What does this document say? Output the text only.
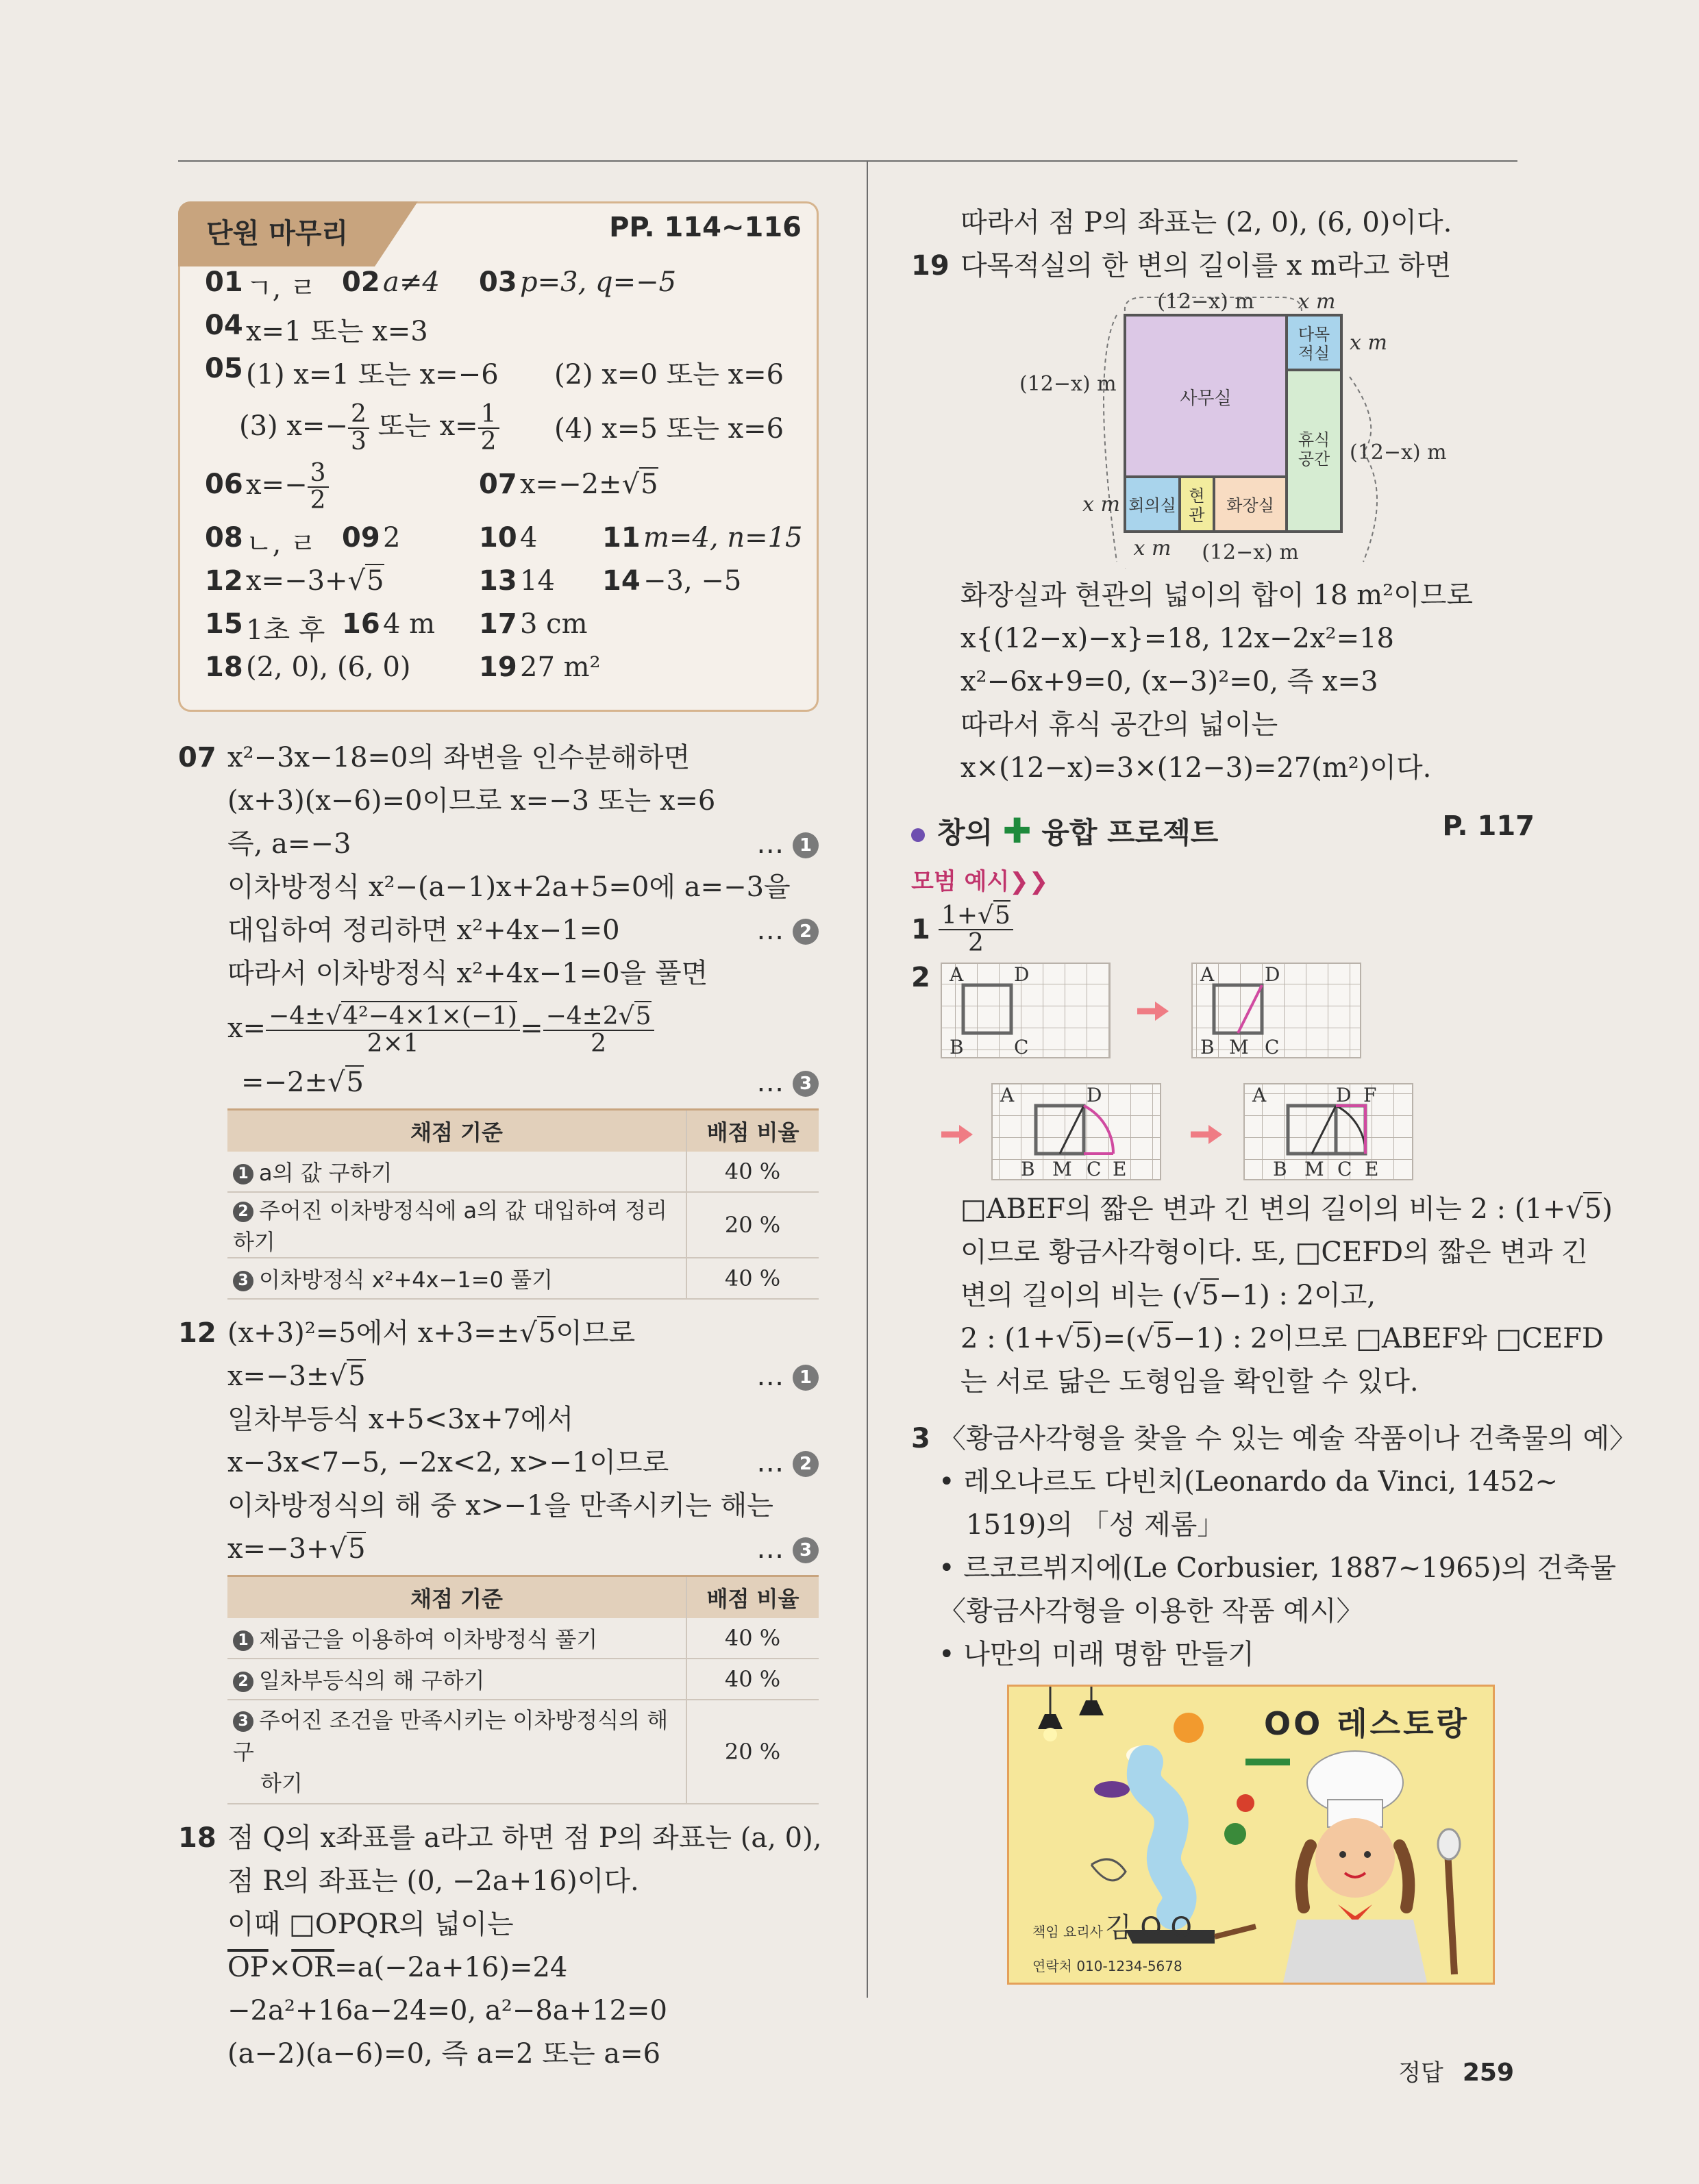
단원 마무리	PP. 114~116
01 ㄱ, ㄹ 02 a≠4 03 p=3, q=−5
04 x=1 또는 x=3
05 (1) x=1 또는 x=−6 (2) x=0 또는 x=6
(3) $x=- \frac{2}{3}$ 또는 $x= \frac{1}{2} (4)$ x=5 또는 x=6
06 $x=- \frac{3}{2}$	07 x=−2±√5
08 ㄴ, ㄹ 09 2	10 4 11 m=4, n=15
12 x=−3+√5	13 14 14 −3, −5
15 1초 후 16 4 m 17 3 cm
18 (2, 0), (6, 0) 19 27 m²
07 x²−3x−18=0의 좌변을 인수분해하면
(x+3)(x−6)=0이므로 x=−3 또는 x=6
즉, a=−3	… 1
이차방정식 x²−(a−1)x+2a+5=0에 a=−3을
대입하여 정리하면 x²+4x−1=0	… 2
따라서 이차방정식 x²+4x−1=0을 풀면
$x= \frac{\text{−4±√4²−4×1×(−1)}}{2\times 1} = \frac{-4\pm 2√5}{2}$
=−2±√5	… 3
채점 기준	배점 비율
1 a의 값 구하기	40 %
2 주어진 이차방정식에 a의 값 대입하여 정리하기	20 %
3 이차방정식 x²+4x−1=0 풀기	40 %
12 (x+3)²=5에서 x+3=±√5이므로
x=−3±√5	… 1
일차부등식 x+5<3x+7에서
x−3x<7−5, −2x<2, x>−1이므로	… 2
이차방정식의 해 중 x>−1을 만족시키는 해는
x=−3+√5	… 3
채점 기준	배점 비율
1 제곱근을 이용하여 이차방정식 풀기	40 %
2 일차부등식의 해 구하기	40 %
3 주어진 조건을 만족시키는 이차방정식의 해 구
하기	20 %
18 점 Q의 x좌표를 a라고 하면 점 P의 좌표는 (a, 0),
점 R의 좌표는 (0, −2a+16)이다.
이때 □OPQR의 넓이는
$\overline{OP}\times\overline{OR}=a(-2a+16)=24$
−2a²+16a−24=0, a²−8a+12=0
(a−2)(a−6)=0, 즉 a=2 또는 a=6
따라서 점 P의 좌표는 (2, 0), (6, 0)이다.
19 다목적실의 한 변의 길이를 x m라고 하면
사무실
다목
적실
휴식
공간
회의실 현
관 화장실
(12−x) m x m
x m
(12−x) m
(12−x) m
x m
x m (12−x) m
화장실과 현관의 넓이의 합이 18 m²이므로
x{(12−x)−x}=18, 12x−2x²=18
x²−6x+9=0, (x−3)²=0, 즉 x=3
따라서 휴식 공간의 넓이는
x×(12−x)=3×(12−3)=27(m²)이다.
창의 ✚ 융합 프로젝트	P. 117
모범 예시❯❯
$1 \frac{1+√5}{2}$
2 A	D
B	C
A	D
B M C
A	D
B M C E
A	D F
B M C E
□ABEF의 짧은 변과 긴 변의 길이의 비는 2 : (1+√5)
이므로 황금사각형이다. 또, □CEFD의 짧은 변과 긴
변의 길이의 비는 (√5−1) : 2이고,
2 : (1+√5)=(√5−1) : 2이므로 □ABEF와 □CEFD
는 서로 닮은 도형임을 확인할 수 있다.
3 〈황금사각형을 찾을 수 있는 예술 작품이나 건축물의 예〉
• 레오나르도 다빈치(Leonardo da Vinci, 1452~
1519)의 「성 제롬」
• 르코르뷔지에(Le Corbusier, 1887~1965)의 건축물
〈황금사각형을 이용한 작품 예시〉
• 나만의 미래 명함 만들기
OO 레스토랑
책임 요리사 김 O O
연락처 010-1234-5678
정답 259
